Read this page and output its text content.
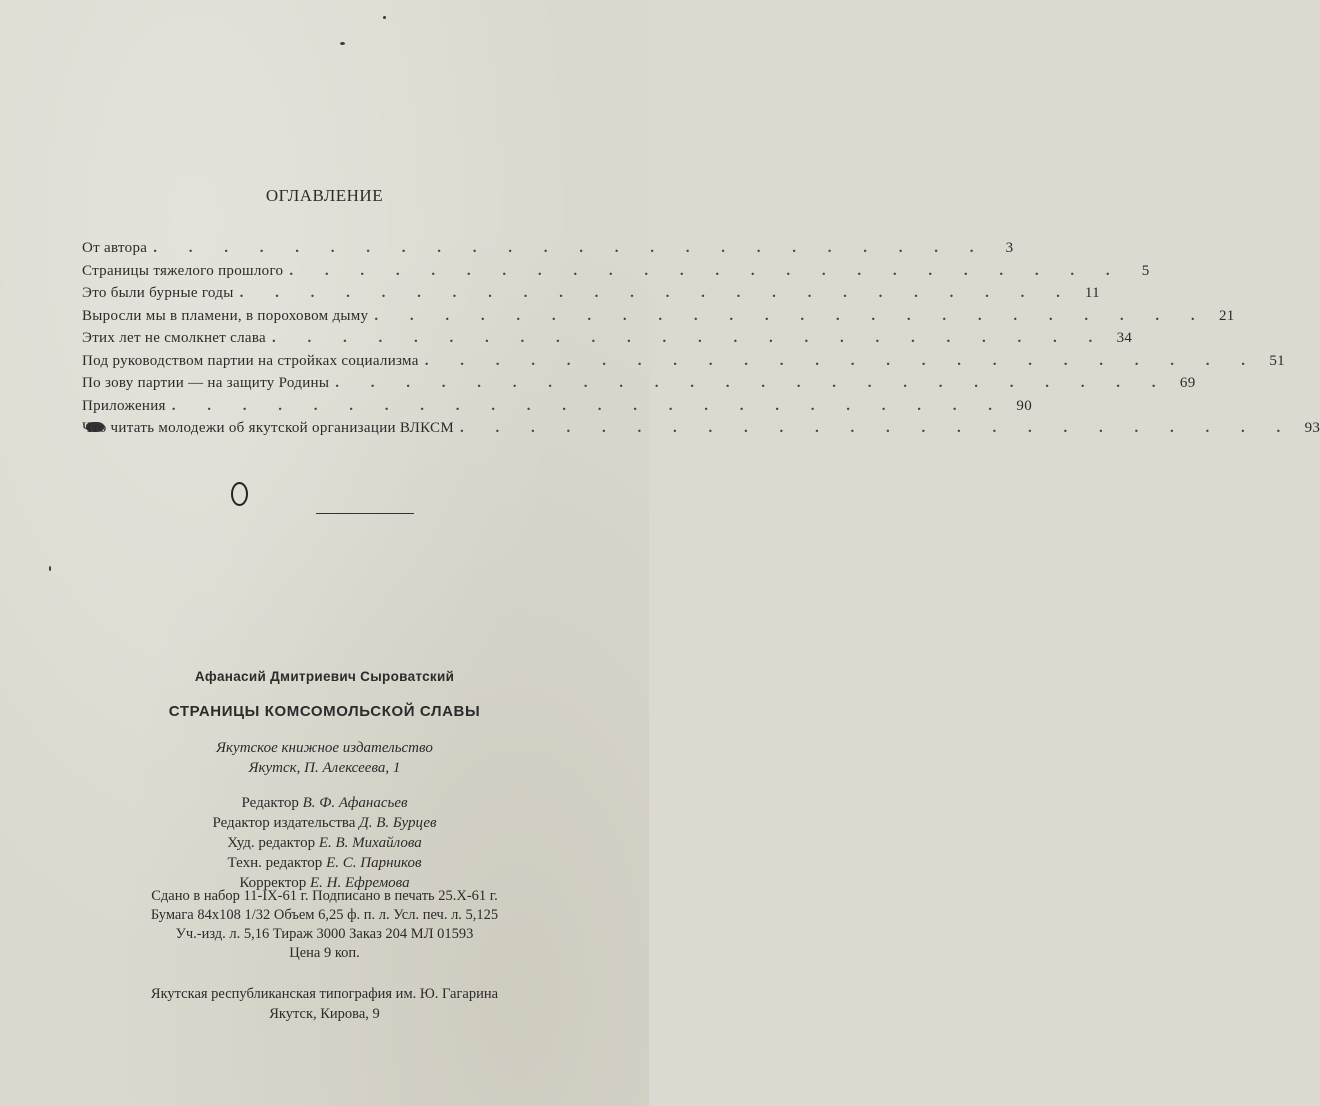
ОГЛАВЛЕНИЕ
От автора . . . . . . . . . . . . . . . . . . . . . . . .	3
Страницы тяжелого прошлого . . . . . . . . . . . . . . . . . . . . . . . .	5
Это были бурные годы . . . . . . . . . . . . . . . . . . . . . . . . 11
Выросли мы в пламени, в пороховом дыму . . . . . . . . . . . . . . . . . . . . . . . . 21
Этих лет не смолкнет слава . . . . . . . . . . . . . . . . . . . . . . . . 34
Под руководством партии на стройках социализма . . . . . . . . . . . . . . . . . . . . . . . . 51
По зову партии — на защиту Родины . . . . . . . . . . . . . . . . . . . . . . . . 69
Приложения . . . . . . . . . . . . . . . . . . . . . . . . 90
Что читать молодежи об якутской организации ВЛКСМ . . . . . . . . . . . . . . . . . . . . . . . . 93
Афанасий Дмитриевич Сыроватский
СТРАНИЦЫ КОМСОМОЛЬСКОЙ СЛАВЫ
Якутское книжное издательство
Якутск, П. Алексеева, 1
Редактор В. Ф. Афанасьев
Редактор издательства Д. В. Бурцев
Худ. редактор Е. В. Михайлова
Техн. редактор Е. С. Парников
Корректор Е. Н. Ефремова
Сдано в набор 11-IX-61 г. Подписано в печать 25.X-61 г.
Бумага 84x108 1/32 Объем 6,25 ф. п. л. Усл. печ. л. 5,125
Уч.-изд. л. 5,16 Тираж 3000 Заказ 204 МЛ 01593
Цена 9 коп.
Якутская республиканская типография им. Ю. Гагарина
Якутск, Кирова, 9
